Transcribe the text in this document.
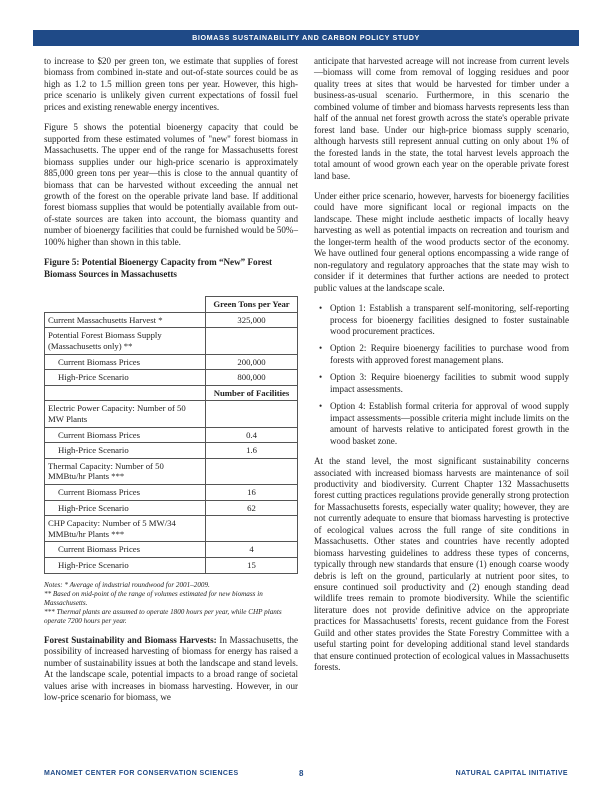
BIOMASS SUSTAINABILITY AND CARBON POLICY STUDY

to increase to $20 per green ton, we estimate that supplies of forest biomass from combined in-state and out-of-state sources could be as high as 1.2 to 1.5 million green tons per year. However, this high-price scenario is unlikely given current expectations of fossil fuel prices and existing renewable energy incentives.

Figure 5 shows the potential bioenergy capacity that could be supported from these estimated volumes of "new" forest biomass in Massachusetts. The upper end of the range for Massachusetts forest biomass supplies under our high-price scenario is approximately 885,000 green tons per year—this is close to the annual quantity of biomass that can be harvested without exceeding the annual net growth of the forest on the operable private land base. If additional forest biomass supplies that would be potentially available from out-of-state sources are taken into account, the biomass quantity and number of bioenergy facilities that could be furnished would be 50%–100% higher than shown in this table.

Figure 5: Potential Bioenergy Capacity from “New” Forest Biomass Sources in Massachusetts
	Green Tons per Year
Current Massachusetts Harvest *	325,000
Potential Forest Biomass Supply (Massachusetts only) **	
Current Biomass Prices	200,000
High-Price Scenario	800,000
	Number of Facilities
Electric Power Capacity: Number of 50 MW Plants	
Current Biomass Prices	0.4
High-Price Scenario	1.6
Thermal Capacity: Number of 50 MMBtu/hr Plants ***	
Current Biomass Prices	16
High-Price Scenario	62
CHP Capacity: Number of 5 MW/34 MMBtu/hr Plants ***	
Current Biomass Prices	4
High-Price Scenario	15
Notes: * Average of industrial roundwood for 2001–2009.
** Based on mid-point of the range of volumes estimated for new biomass in Massachusetts.
*** Thermal plants are assumed to operate 1800 hours per year, while CHP plants operate 7200 hours per year.

Forest Sustainability and Biomass Harvests: In Massachusetts, the possibility of increased harvesting of biomass for energy has raised a number of sustainability issues at both the landscape and stand levels. At the landscape scale, potential impacts to a broad range of societal values arise with increases in biomass harvesting. However, in our low-price scenario for biomass, we

anticipate that harvested acreage will not increase from current levels—biomass will come from removal of logging residues and poor quality trees at sites that would be harvested for timber under a business-as-usual scenario. Furthermore, in this scenario the combined volume of timber and biomass harvests represents less than half of the annual net forest growth across the state's operable private forest land base. Under our high-price biomass supply scenario, although harvests still represent annual cutting on only about 1% of the forested lands in the state, the total harvest levels approach the total amount of wood grown each year on the operable private forest land base.

Under either price scenario, however, harvests for bioenergy facilities could have more significant local or regional impacts on the landscape. These might include aesthetic impacts of locally heavy harvesting as well as potential impacts on recreation and tourism and the longer-term health of the wood products sector of the economy. We have outlined four general options encompassing a wide range of non-regulatory and regulatory approaches that the state may wish to consider if it determines that further actions are needed to protect public values at the landscape scale.

• Option 1: Establish a transparent self-monitoring, self-reporting process for bioenergy facilities designed to foster sustainable wood procurement practices.
• Option 2: Require bioenergy facilities to purchase wood from forests with approved forest management plans.
• Option 3: Require bioenergy facilities to submit wood supply impact assessments.
• Option 4: Establish formal criteria for approval of wood supply impact assessments—possible criteria might include limits on the amount of harvests relative to anticipated forest growth in the wood basket zone.

At the stand level, the most significant sustainability concerns associated with increased biomass harvests are maintenance of soil productivity and biodiversity. Current Chapter 132 Massachusetts forest cutting practices regulations provide generally strong protection for Massachusetts forests, especially water quality; however, they are not currently adequate to ensure that biomass harvesting is protective of ecological values across the full range of site conditions in Massachusetts. Other states and countries have recently adopted biomass harvesting guidelines to address these types of concerns, typically through new standards that ensure (1) enough coarse woody debris is left on the ground, particularly at nutrient poor sites, to ensure continued soil productivity and (2) enough standing dead wildlife trees remain to promote biodiversity. While the scientific literature does not provide definitive advice on the appropriate practices for Massachusetts' forests, recent guidance from the Forest Guild and other states provides the State Forestry Committee with a useful starting point for developing additional stand level standards that ensure continued protection of ecological values in Massachusetts forests.

MANOMET CENTER FOR CONSERVATION SCIENCES	8	NATURAL CAPITAL INITIATIVE
